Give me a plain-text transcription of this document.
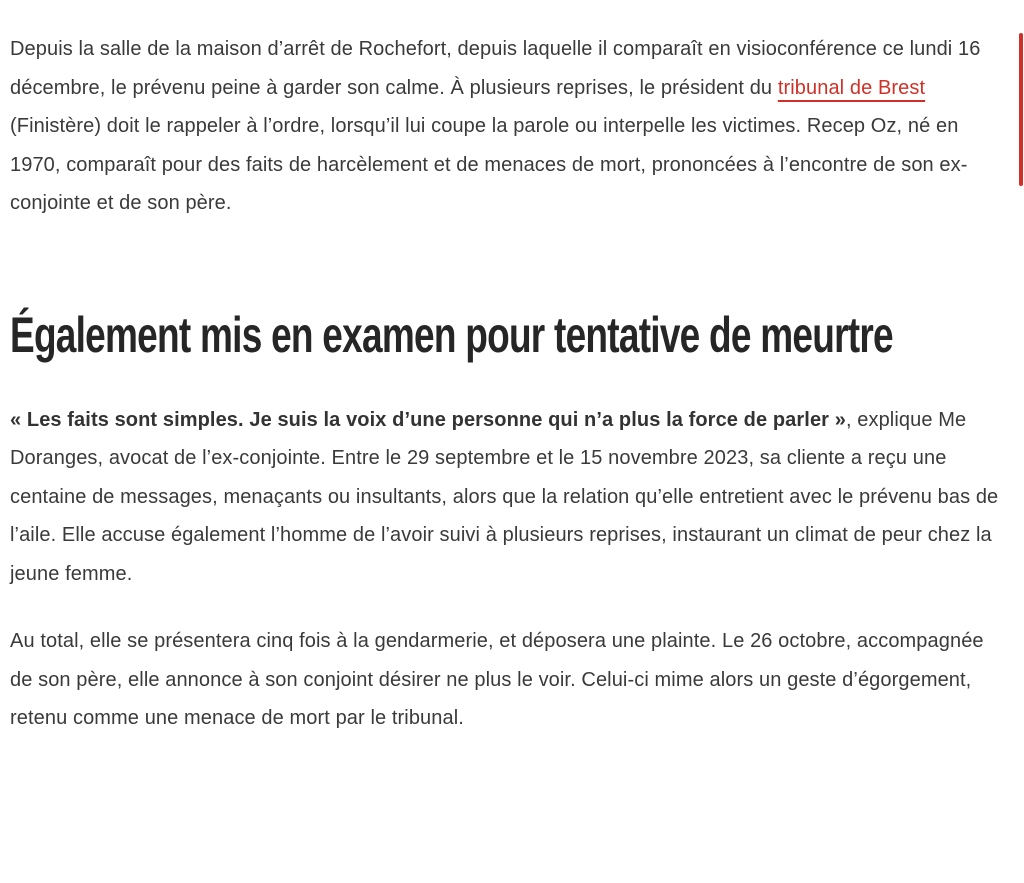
Depuis la salle de la maison d’arrêt de Rochefort, depuis laquelle il comparaît en visioconférence ce lundi 16 décembre, le prévenu peine à garder son calme. À plusieurs reprises, le président du tribunal de Brest (Finistère) doit le rappeler à l’ordre, lorsqu’il lui coupe la parole ou interpelle les victimes. Recep Oz, né en 1970, comparaît pour des faits de harcèlement et de menaces de mort, prononcées à l’encontre de son ex-conjointe et de son père.

Également mis en examen pour tentative de meurtre

« Les faits sont simples. Je suis la voix d’une personne qui n’a plus la force de parler », explique Me Doranges, avocat de l’ex-conjointe. Entre le 29 septembre et le 15 novembre 2023, sa cliente a reçu une centaine de messages, menaçants ou insultants, alors que la relation qu’elle entretient avec le prévenu bas de l’aile. Elle accuse également l’homme de l’avoir suivi à plusieurs reprises, instaurant un climat de peur chez la jeune femme.

Au total, elle se présentera cinq fois à la gendarmerie, et déposera une plainte. Le 26 octobre, accompagnée de son père, elle annonce à son conjoint désirer ne plus le voir. Celui-ci mime alors un geste d’égorgement, retenu comme une menace de mort par le tribunal.
